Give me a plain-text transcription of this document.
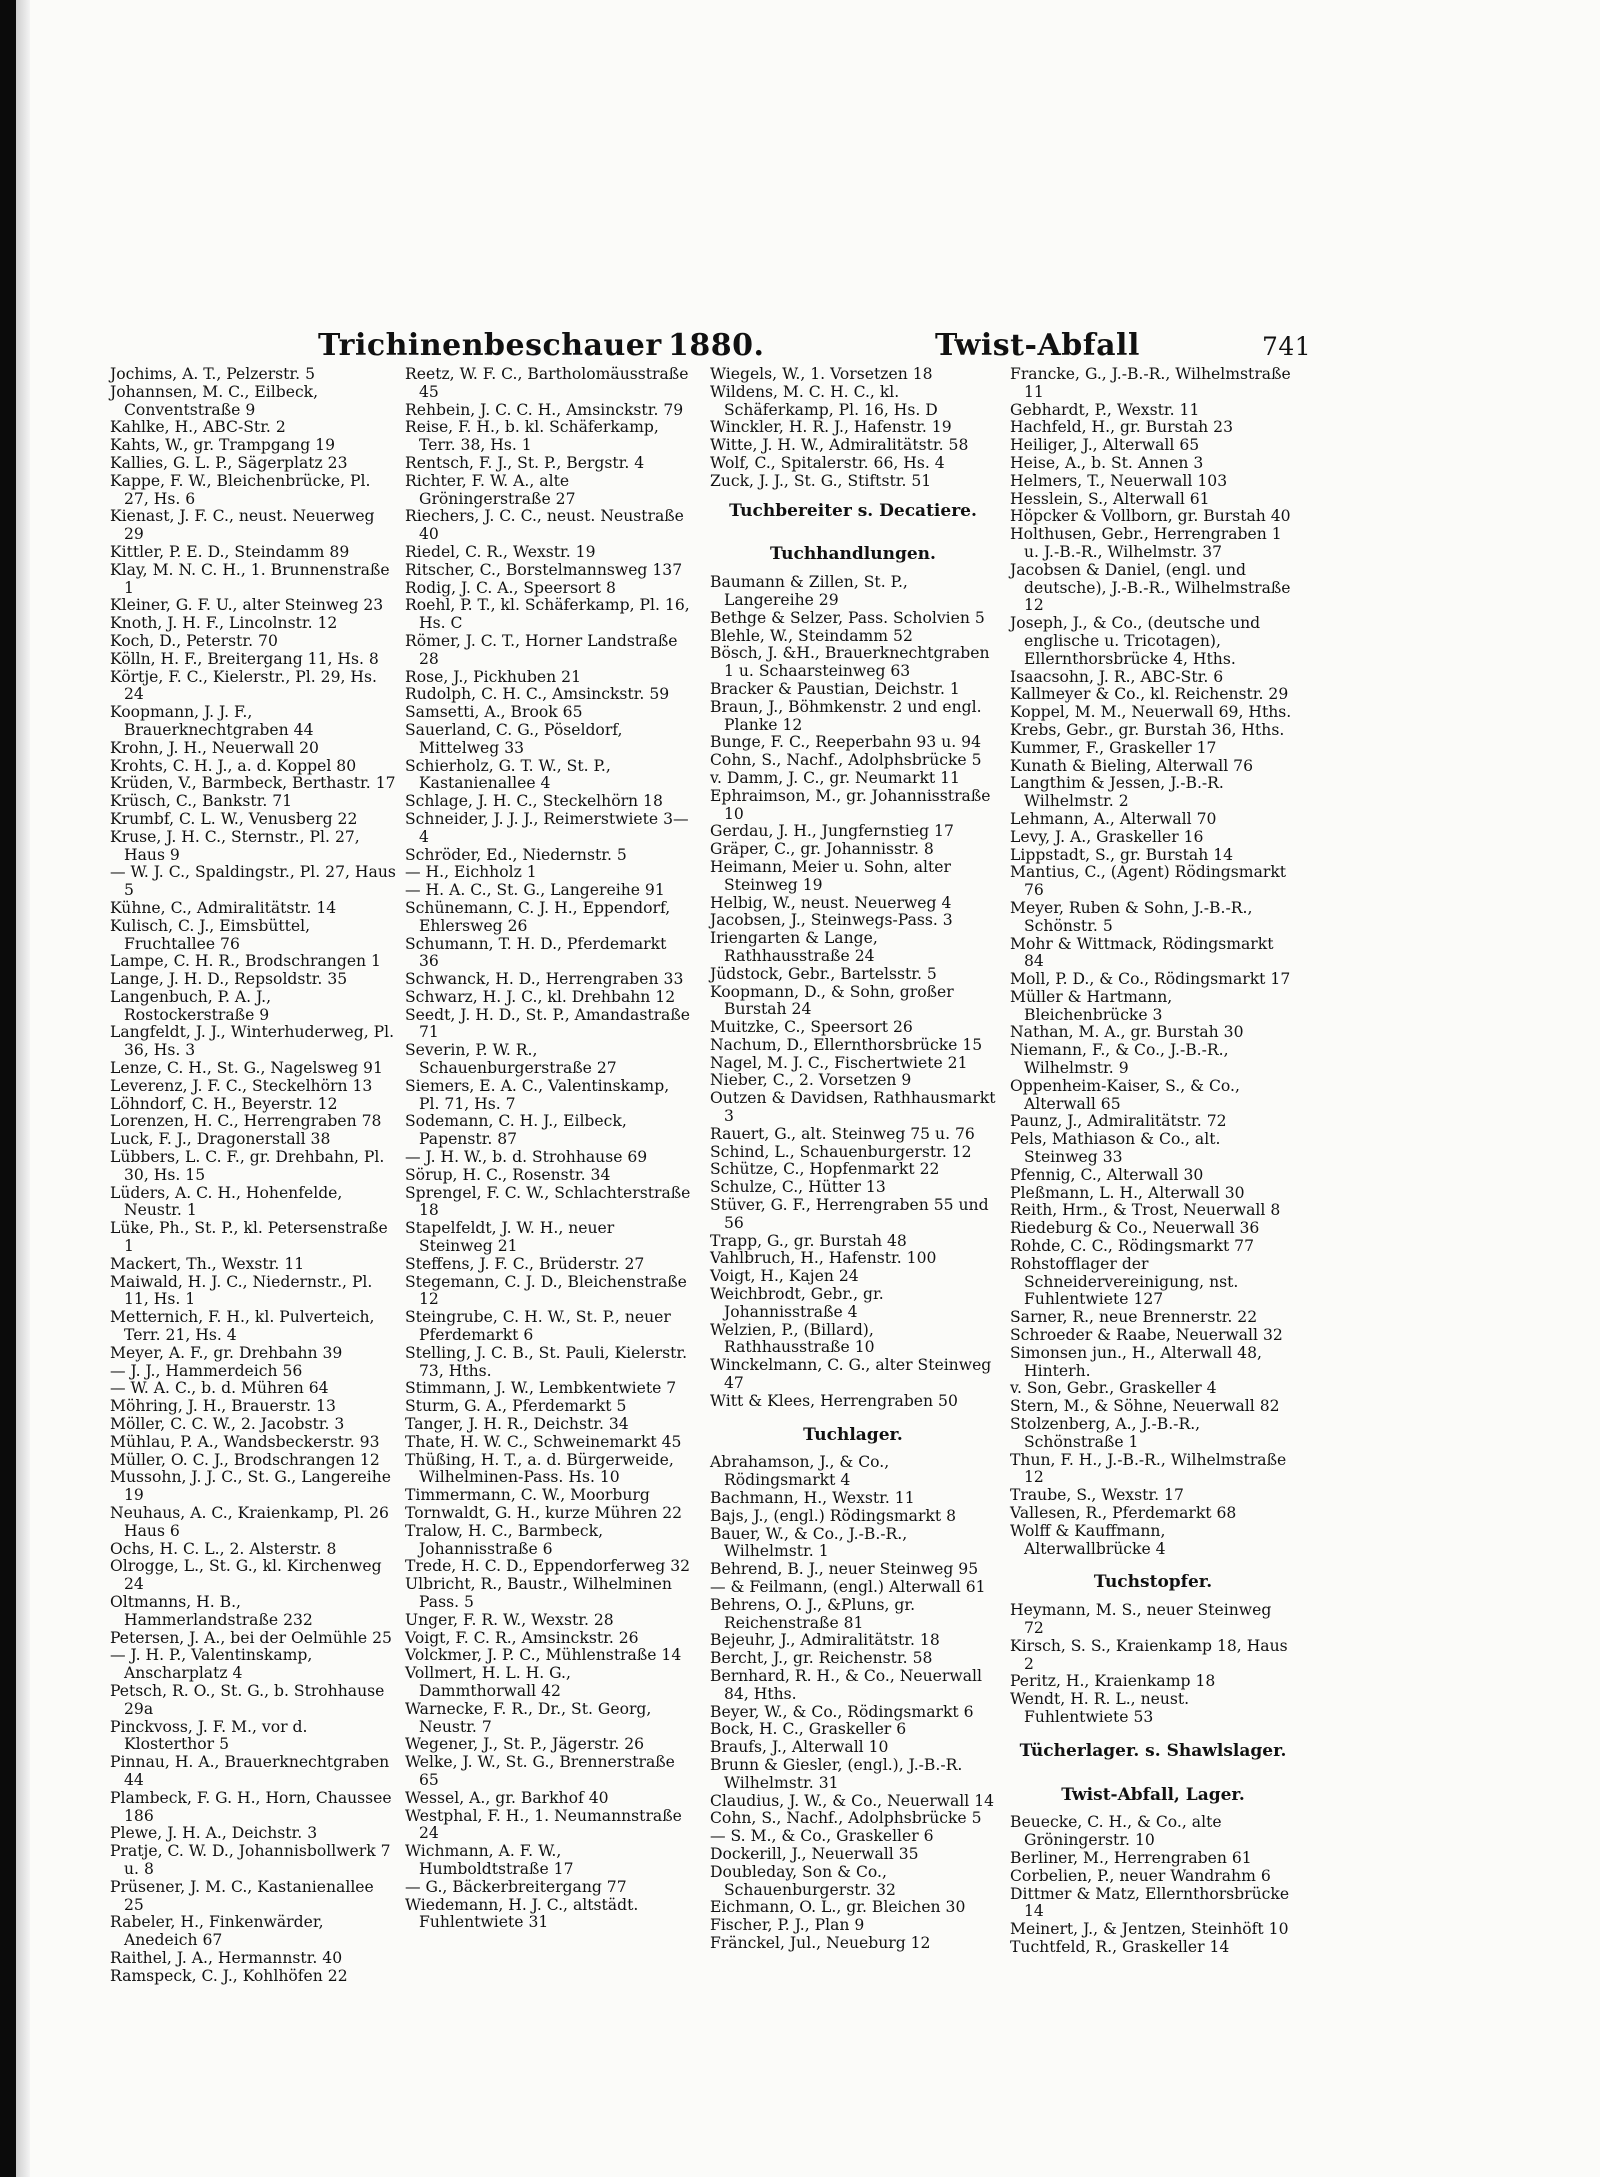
Trichinenbeschauer 1880.	Twist-Abfall	741
Jochims, A. T., Pelzerstr. 5
Johannsen, M. C., Eilbeck, Conventstraße 9
Kahlke, H., ABC-Str. 2
Kahts, W., gr. Trampgang 19
Kallies, G. L. P., Sägerplatz 23
Kappe, F. W., Bleichenbrücke, Pl. 27, Hs. 6
Kienast, J. F. C., neust. Neuerweg 29
Kittler, P. E. D., Steindamm 89
Klay, M. N. C. H., 1. Brunnenstraße 1
Kleiner, G. F. U., alter Steinweg 23
Knoth, J. H. F., Lincolnstr. 12
Koch, D., Peterstr. 70
Kölln, H. F., Breitergang 11, Hs. 8
Körtje, F. C., Kielerstr., Pl. 29, Hs. 24
Koopmann, J. J. F., Brauerknechtgraben 44
Krohn, J. H., Neuerwall 20
Krohts, C. H. J., a. d. Koppel 80
Krüden, V., Barmbeck, Berthastr. 17
Krüsch, C., Bankstr. 71
Krumbf, C. L. W., Venusberg 22
Kruse, J. H. C., Sternstr., Pl. 27, Haus 9
— W. J. C., Spaldingstr., Pl. 27, Haus 5
Kühne, C., Admiralitätstr. 14
Kulisch, C. J., Eimsbüttel, Fruchtallee 76
Lampe, C. H. R., Brodschrangen 1
Lange, J. H. D., Repsoldstr. 35
Langenbuch, P. A. J., Rostockerstraße 9
Langfeldt, J. J., Winterhuderweg, Pl. 36, Hs. 3
Lenze, C. H., St. G., Nagelsweg 91
Leverenz, J. F. C., Steckelhörn 13
Löhndorf, C. H., Beyerstr. 12
Lorenzen, H. C., Herrengraben 78
Luck, F. J., Dragonerstall 38
Lübbers, L. C. F., gr. Drehbahn, Pl. 30, Hs. 15
Lüders, A. C. H., Hohenfelde, Neustr. 1
Lüke, Ph., St. P., kl. Petersenstraße 1
Mackert, Th., Wexstr. 11
Maiwald, H. J. C., Niedernstr., Pl. 11, Hs. 1
Metternich, F. H., kl. Pulverteich, Terr. 21, Hs. 4
Meyer, A. F., gr. Drehbahn 39
— J. J., Hammerdeich 56
— W. A. C., b. d. Mühren 64
Möhring, J. H., Brauerstr. 13
Möller, C. C. W., 2. Jacobstr. 3
Mühlau, P. A., Wandsbeckerstr. 93
Müller, O. C. J., Brodschrangen 12
Mussohn, J. J. C., St. G., Langereihe 19
Neuhaus, A. C., Kraienkamp, Pl. 26 Haus 6
Ochs, H. C. L., 2. Alsterstr. 8
Olrogge, L., St. G., kl. Kirchenweg 24
Oltmanns, H. B., Hammerlandstraße 232
Petersen, J. A., bei der Oelmühle 25
— J. H. P., Valentinskamp, Anscharplatz 4
Petsch, R. O., St. G., b. Strohhause 29a
Pinckvoss, J. F. M., vor d. Klosterthor 5
Pinnau, H. A., Brauerknechtgraben 44
Plambeck, F. G. H., Horn, Chaussee 186
Plewe, J. H. A., Deichstr. 3
Pratje, C. W. D., Johannisbollwerk 7 u. 8
Prüsener, J. M. C., Kastanienallee 25
Rabeler, H., Finkenwärder, Anedeich 67
Raithel, J. A., Hermannstr. 40
Ramspeck, C. J., Kohlhöfen 22
Reetz, W. F. C., Bartholomäusstraße 45
Rehbein, J. C. C. H., Amsinckstr. 79
Reise, F. H., b. kl. Schäferkamp, Terr. 38, Hs. 1
Rentsch, F. J., St. P., Bergstr. 4
Richter, F. W. A., alte Gröningerstraße 27
Riechers, J. C. C., neust. Neustraße 40
Riedel, C. R., Wexstr. 19
Ritscher, C., Borstelmannsweg 137
Rodig, J. C. A., Speersort 8
Roehl, P. T., kl. Schäferkamp, Pl. 16, Hs. C
Römer, J. C. T., Horner Landstraße 28
Rose, J., Pickhuben 21
Rudolph, C. H. C., Amsinckstr. 59
Samsetti, A., Brook 65
Sauerland, C. G., Pöseldorf, Mittelweg 33
Schierholz, G. T. W., St. P., Kastanienallee 4
Schlage, J. H. C., Steckelhörn 18
Schneider, J. J. J., Reimerstwiete 3—4
Schröder, Ed., Niedernstr. 5
— H., Eichholz 1
— H. A. C., St. G., Langereihe 91
Schünemann, C. J. H., Eppendorf, Ehlersweg 26
Schumann, T. H. D., Pferdemarkt 36
Schwanck, H. D., Herrengraben 33
Schwarz, H. J. C., kl. Drehbahn 12
Seedt, J. H. D., St. P., Amandastraße 71
Severin, P. W. R., Schauenburgerstraße 27
Siemers, E. A. C., Valentinskamp, Pl. 71, Hs. 7
Sodemann, C. H. J., Eilbeck, Papenstr. 87
— J. H. W., b. d. Strohhause 69
Sörup, H. C., Rosenstr. 34
Sprengel, F. C. W., Schlachterstraße 18
Stapelfeldt, J. W. H., neuer Steinweg 21
Steffens, J. F. C., Brüderstr. 27
Stegemann, C. J. D., Bleichenstraße 12
Steingrube, C. H. W., St. P., neuer Pferdemarkt 6
Stelling, J. C. B., St. Pauli, Kielerstr. 73, Hths.
Stimmann, J. W., Lembkentwiete 7
Sturm, G. A., Pferdemarkt 5
Tanger, J. H. R., Deichstr. 34
Thate, H. W. C., Schweinemarkt 45
Thüßing, H. T., a. d. Bürgerweide, Wilhelminen-Pass. Hs. 10
Timmermann, C. W., Moorburg
Tornwaldt, G. H., kurze Mühren 22
Tralow, H. C., Barmbeck, Johannisstraße 6
Trede, H. C. D., Eppendorferweg 32
Ulbricht, R., Baustr., Wilhelminen Pass. 5
Unger, F. R. W., Wexstr. 28
Voigt, F. C. R., Amsinckstr. 26
Volckmer, J. P. C., Mühlenstraße 14
Vollmert, H. L. H. G., Dammthorwall 42
Warnecke, F. R., Dr., St. Georg, Neustr. 7
Wegener, J., St. P., Jägerstr. 26
Welke, J. W., St. G., Brennerstraße 65
Wessel, A., gr. Barkhof 40
Westphal, F. H., 1. Neumannstraße 24
Wichmann, A. F. W., Humboldtstraße 17
— G., Bäckerbreitergang 77
Wiedemann, H. J. C., altstädt. Fuhlentwiete 31
Wiegels, W., 1. Vorsetzen 18
Wildens, M. C. H. C., kl. Schäferkamp, Pl. 16, Hs. D
Winckler, H. R. J., Hafenstr. 19
Witte, J. H. W., Admiralitätstr. 58
Wolf, C., Spitalerstr. 66, Hs. 4
Zuck, J. J., St. G., Stiftstr. 51
Tuchbereiter s. Decatiere.
Tuchhandlungen.
Baumann & Zillen, St. P., Langereihe 29
Bethge & Selzer, Pass. Scholvien 5
Blehle, W., Steindamm 52
Bösch, J. &H., Brauerknechtgraben 1 u. Schaarsteinweg 63
Bracker & Paustian, Deichstr. 1
Braun, J., Böhmkenstr. 2 und engl. Planke 12
Bunge, F. C., Reeperbahn 93 u. 94
Cohn, S., Nachf., Adolphsbrücke 5
v. Damm, J. C., gr. Neumarkt 11
Ephraimson, M., gr. Johannisstraße 10
Gerdau, J. H., Jungfernstieg 17
Gräper, C., gr. Johannisstr. 8
Heimann, Meier u. Sohn, alter Steinweg 19
Helbig, W., neust. Neuerweg 4
Jacobsen, J., Steinwegs-Pass. 3
Iriengarten & Lange, Rathhausstraße 24
Jüdstock, Gebr., Bartelsstr. 5
Koopmann, D., & Sohn, großer Burstah 24
Muitzke, C., Speersort 26
Nachum, D., Ellernthorsbrücke 15
Nagel, M. J. C., Fischertwiete 21
Nieber, C., 2. Vorsetzen 9
Outzen & Davidsen, Rathhausmarkt 3
Rauert, G., alt. Steinweg 75 u. 76
Schind, L., Schauenburgerstr. 12
Schütze, C., Hopfenmarkt 22
Schulze, C., Hütter 13
Stüver, G. F., Herrengraben 55 und 56
Trapp, G., gr. Burstah 48
Vahlbruch, H., Hafenstr. 100
Voigt, H., Kajen 24
Weichbrodt, Gebr., gr. Johannisstraße 4
Welzien, P., (Billard), Rathhausstraße 10
Winckelmann, C. G., alter Steinweg 47
Witt & Klees, Herrengraben 50
Tuchlager.
Abrahamson, J., & Co., Rödingsmarkt 4
Bachmann, H., Wexstr. 11
Bajs, J., (engl.) Rödingsmarkt 8
Bauer, W., & Co., J.-B.-R., Wilhelmstr. 1
Behrend, B. J., neuer Steinweg 95
— & Feilmann, (engl.) Alterwall 61
Behrens, O. J., &Pluns, gr. Reichenstraße 81
Bejeuhr, J., Admiralitätstr. 18
Bercht, J., gr. Reichenstr. 58
Bernhard, R. H., & Co., Neuerwall 84, Hths.
Beyer, W., & Co., Rödingsmarkt 6
Bock, H. C., Graskeller 6
Braufs, J., Alterwall 10
Brunn & Giesler, (engl.), J.-B.-R. Wilhelmstr. 31
Claudius, J. W., & Co., Neuerwall 14
Cohn, S., Nachf., Adolphsbrücke 5
— S. M., & Co., Graskeller 6
Dockerill, J., Neuerwall 35
Doubleday, Son & Co., Schauenburgerstr. 32
Eichmann, O. L., gr. Bleichen 30
Fischer, P. J., Plan 9
Fränckel, Jul., Neueburg 12
Francke, G., J.-B.-R., Wilhelmstraße 11
Gebhardt, P., Wexstr. 11
Hachfeld, H., gr. Burstah 23
Heiliger, J., Alterwall 65
Heise, A., b. St. Annen 3
Helmers, T., Neuerwall 103
Hesslein, S., Alterwall 61
Höpcker & Vollborn, gr. Burstah 40
Holthusen, Gebr., Herrengraben 1 u. J.-B.-R., Wilhelmstr. 37
Jacobsen & Daniel, (engl. und deutsche), J.-B.-R., Wilhelmstraße 12
Joseph, J., & Co., (deutsche und englische u. Tricotagen), Ellernthorsbrücke 4, Hths.
Isaacsohn, J. R., ABC-Str. 6
Kallmeyer & Co., kl. Reichenstr. 29
Koppel, M. M., Neuerwall 69, Hths.
Krebs, Gebr., gr. Burstah 36, Hths.
Kummer, F., Graskeller 17
Kunath & Bieling, Alterwall 76
Langthim & Jessen, J.-B.-R. Wilhelmstr. 2
Lehmann, A., Alterwall 70
Levy, J. A., Graskeller 16
Lippstadt, S., gr. Burstah 14
Mantius, C., (Agent) Rödingsmarkt 76
Meyer, Ruben & Sohn, J.-B.-R., Schönstr. 5
Mohr & Wittmack, Rödingsmarkt 84
Moll, P. D., & Co., Rödingsmarkt 17
Müller & Hartmann, Bleichenbrücke 3
Nathan, M. A., gr. Burstah 30
Niemann, F., & Co., J.-B.-R., Wilhelmstr. 9
Oppenheim-Kaiser, S., & Co., Alterwall 65
Paunz, J., Admiralitätstr. 72
Pels, Mathiason & Co., alt. Steinweg 33
Pfennig, C., Alterwall 30
Pleßmann, L. H., Alterwall 30
Reith, Hrm., & Trost, Neuerwall 8
Riedeburg & Co., Neuerwall 36
Rohde, C. C., Rödingsmarkt 77
Rohstofflager der Schneidervereinigung, nst. Fuhlentwiete 127
Sarner, R., neue Brennerstr. 22
Schroeder & Raabe, Neuerwall 32
Simonsen jun., H., Alterwall 48, Hinterh.
v. Son, Gebr., Graskeller 4
Stern, M., & Söhne, Neuerwall 82
Stolzenberg, A., J.-B.-R., Schönstraße 1
Thun, F. H., J.-B.-R., Wilhelmstraße 12
Traube, S., Wexstr. 17
Vallesen, R., Pferdemarkt 68
Wolff & Kauffmann, Alterwallbrücke 4
Tuchstopfer.
Heymann, M. S., neuer Steinweg 72
Kirsch, S. S., Kraienkamp 18, Haus 2
Peritz, H., Kraienkamp 18
Wendt, H. R. L., neust. Fuhlentwiete 53
Tücherlager. s. Shawlslager.
Twist-Abfall, Lager.
Beuecke, C. H., & Co., alte Gröningerstr. 10
Berliner, M., Herrengraben 61
Corbelien, P., neuer Wandrahm 6
Dittmer & Matz, Ellernthorsbrücke 14
Meinert, J., & Jentzen, Steinhöft 10
Tuchtfeld, R., Graskeller 14
